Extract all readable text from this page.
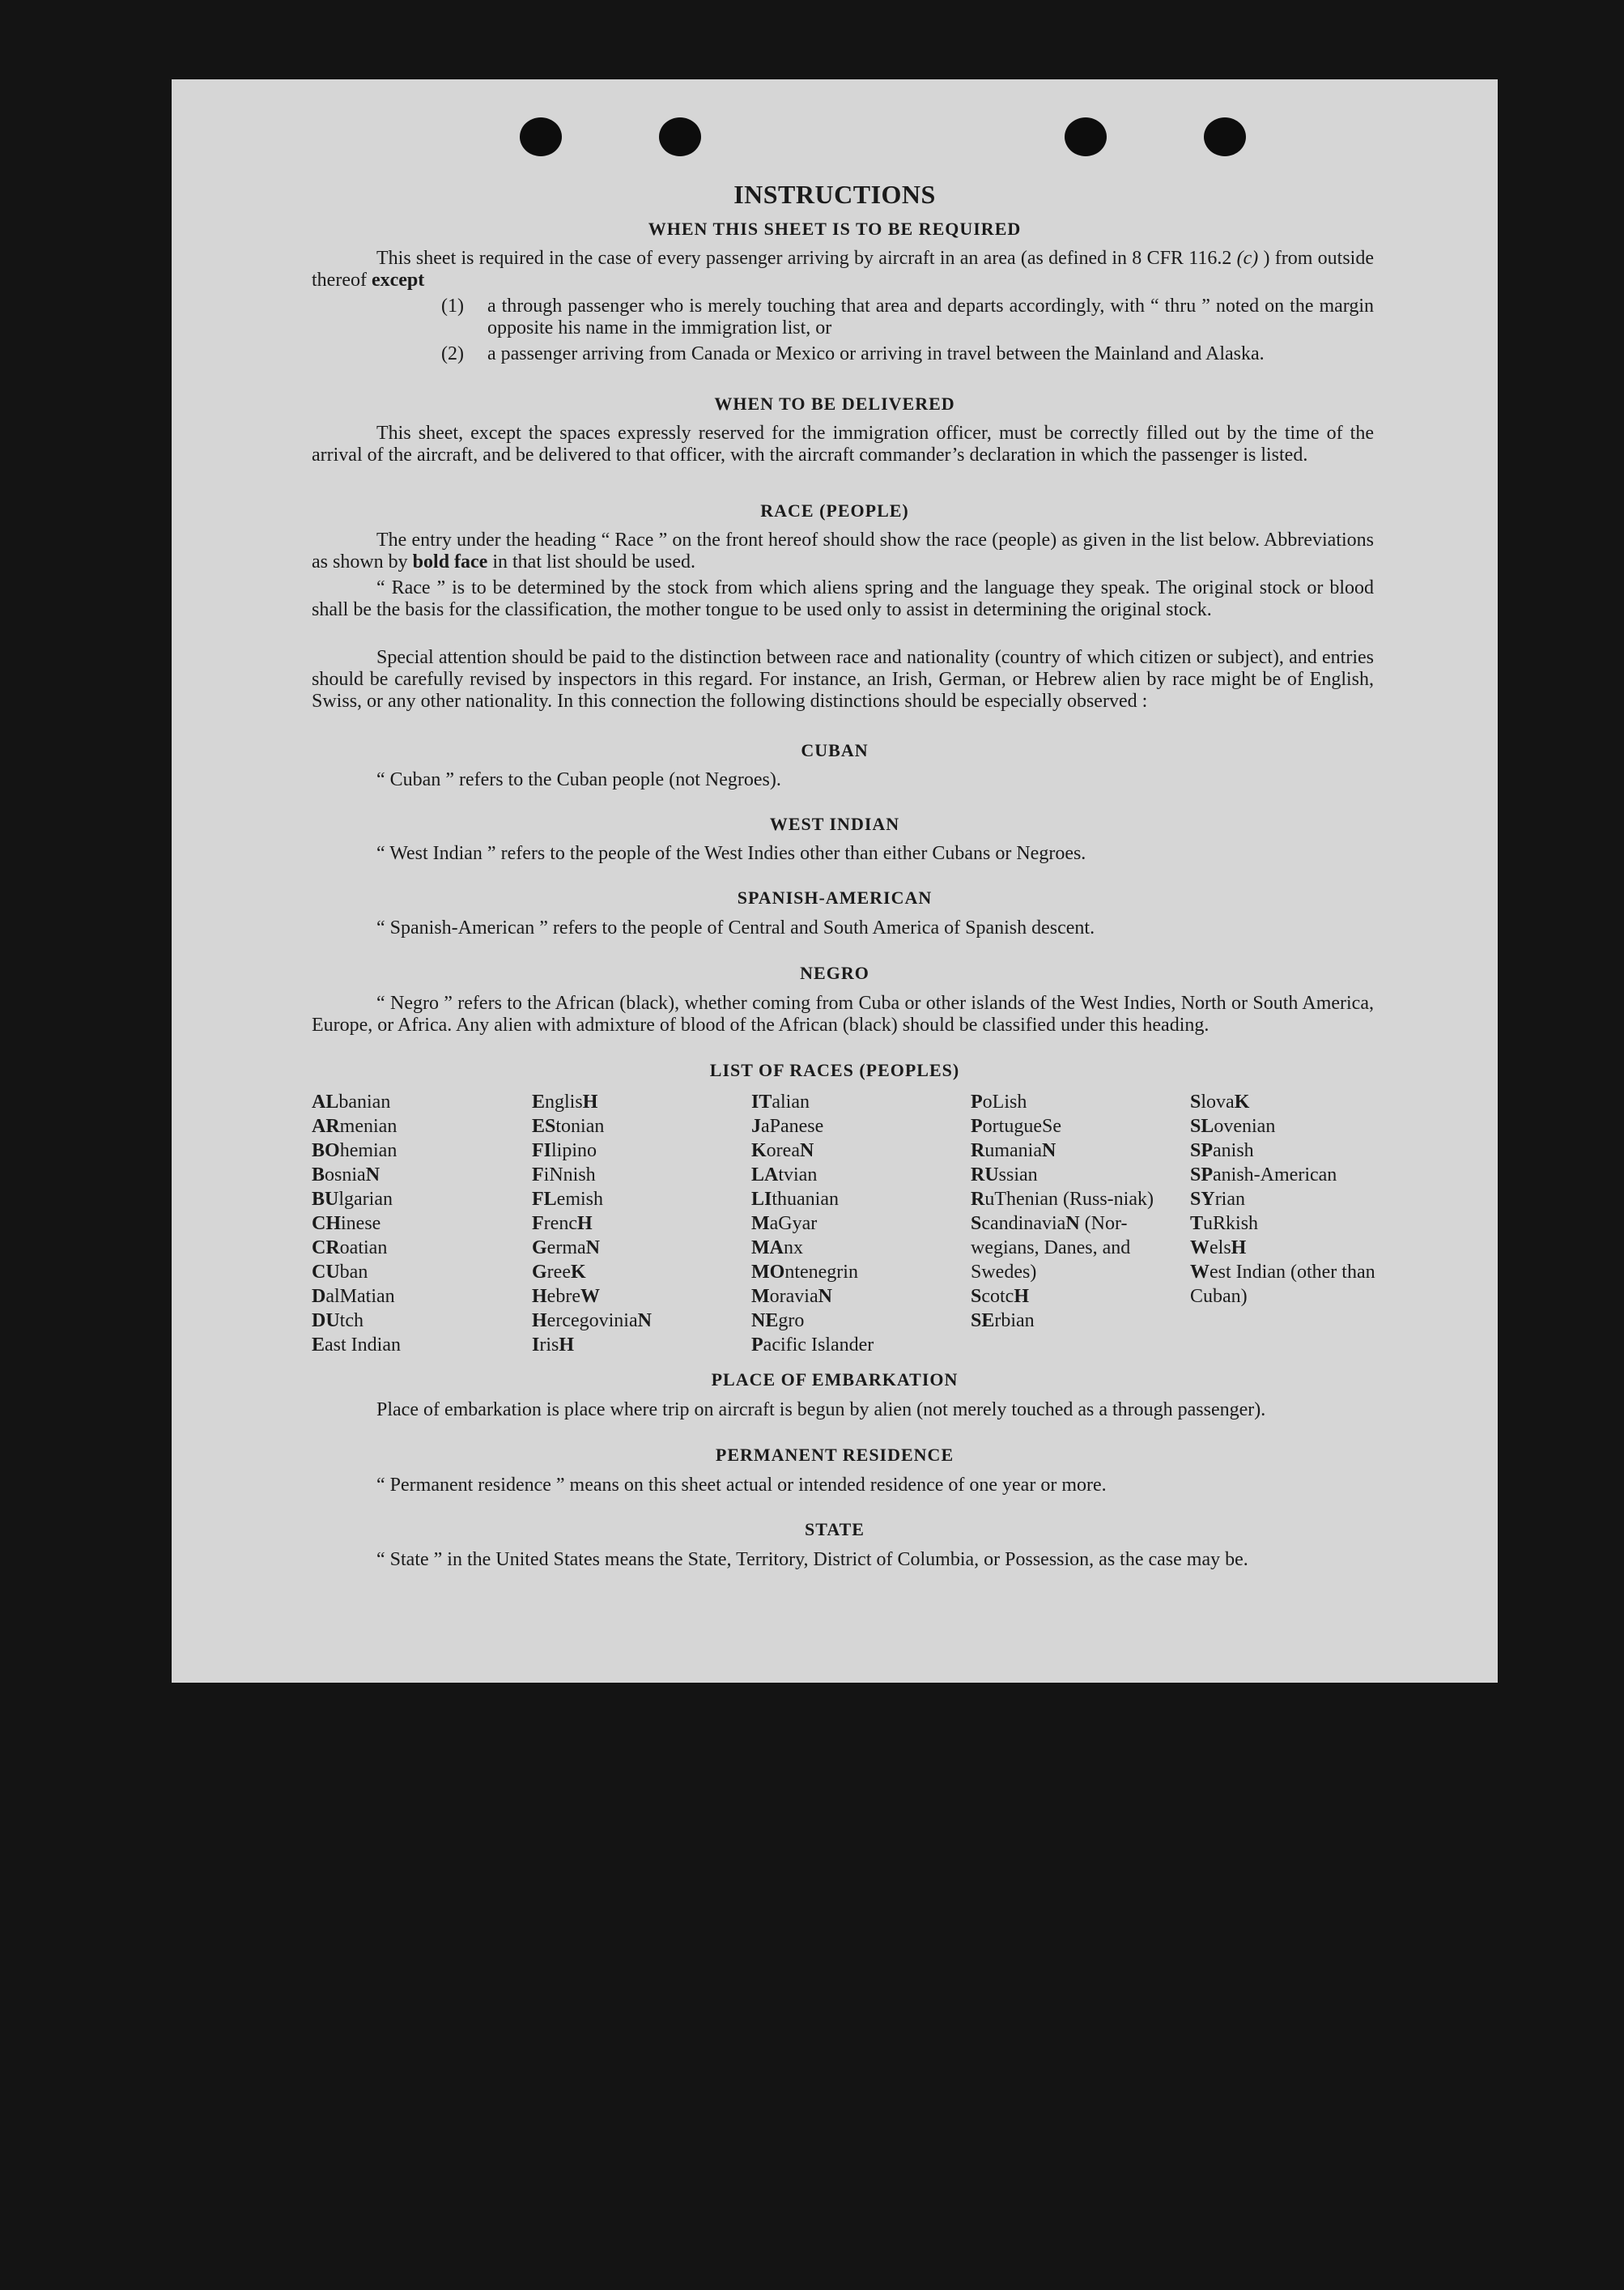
INSTRUCTIONS
WHEN THIS SHEET IS TO BE REQUIRED

This sheet is required in the case of every passenger arriving by aircraft in an area (as defined in 8 CFR 116.2 (c) ) from outside thereof except

(1) a through passenger who is merely touching that area and departs accordingly, with “ thru ” noted on the margin opposite his name in the immigration list, or

(2) a passenger arriving from Canada or Mexico or arriving in travel between the Mainland and Alaska.

WHEN TO BE DELIVERED

This sheet, except the spaces expressly reserved for the immigration officer, must be correctly filled out by the time of the arrival of the aircraft, and be delivered to that officer, with the aircraft commander’s declaration in which the passenger is listed.

RACE (PEOPLE)

The entry under the heading “ Race ” on the front hereof should show the race (people) as given in the list below. Abbreviations as shown by bold face in that list should be used.

“ Race ” is to be determined by the stock from which aliens spring and the language they speak. The original stock or blood shall be the basis for the classification, the mother tongue to be used only to assist in determining the original stock.

Special attention should be paid to the distinction between race and nationality (country of which citizen or subject), and entries should be carefully revised by inspectors in this regard. For instance, an Irish, German, or Hebrew alien by race might be of English, Swiss, or any other nationality. In this connection the following distinctions should be especially observed :

CUBAN

“ Cuban ” refers to the Cuban people (not Negroes).

WEST INDIAN

“ West Indian ” refers to the people of the West Indies other than either Cubans or Negroes.

SPANISH-AMERICAN

“ Spanish-American ” refers to the people of Central and South America of Spanish descent.

NEGRO

“ Negro ” refers to the African (black), whether coming from Cuba or other islands of the West Indies, North or South America, Europe, or Africa. Any alien with admixture of blood of the African (black) should be classified under this heading.

LIST OF RACES (PEOPLES)
ALbanian
ARmenian
BOhemian
BosniaN
BUlgarian
CHinese
CRoatian
CUban
DalMatian
DUtch
East Indian
EnglisH
EStonian
FIlipino
FiNnish
FLemish
FrencH
GermaN
GreeK
HebreW
HercegoviniaN
IrisH
ITalian
JaPanese
KoreaN
LAtvian
LIthuanian
MaGyar
MAnx
MOntenegrin
MoraviaN
NEgro
Pacific Islander
PoLish
PortugueSe
RumaniaN
RUssian
RuThenian (Russ-niak)
ScandinaviaN (Nor-wegians, Danes, and Swedes)
ScotcH
SErbian
SlovaK
SLovenian
SPanish
SPanish-American
SYrian
TuRkish
WelsH
West Indian (other than Cuban)
PLACE OF EMBARKATION

Place of embarkation is place where trip on aircraft is begun by alien (not merely touched as a through passenger).

PERMANENT RESIDENCE

“ Permanent residence ” means on this sheet actual or intended residence of one year or more.

STATE

“ State ” in the United States means the State, Territory, District of Columbia, or Possession, as the case may be.
